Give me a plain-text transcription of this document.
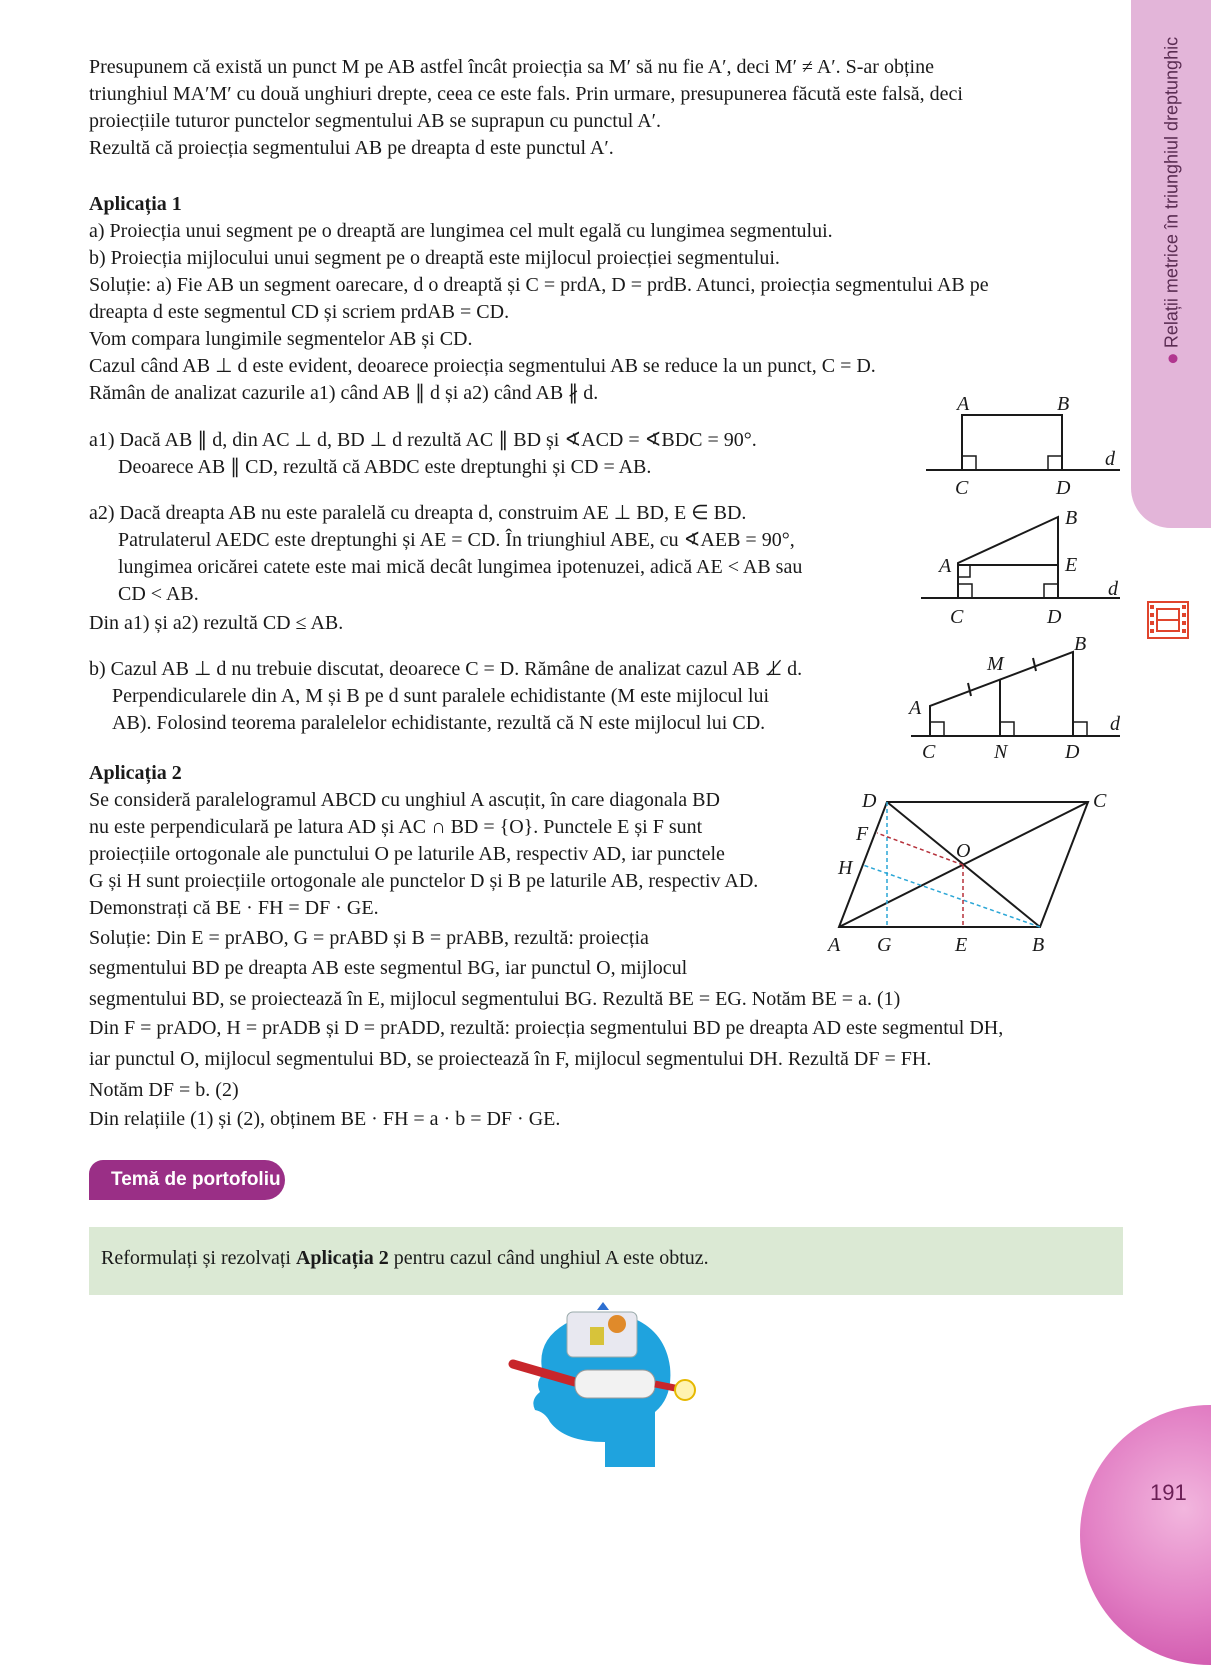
Relații metrice în triunghiul dreptunghic
Presupunem că există un punct M pe AB astfel încât proiecția sa M′ să nu fie A′, deci M′ ≠ A′. S-ar obține
triunghiul MA′M′ cu două unghiuri drepte, ceea ce este fals. Prin urmare, presupunerea făcută este falsă, deci
proiecțiile tuturor punctelor segmentului AB se suprapun cu punctul A′.
Rezultă că proiecția segmentului AB pe dreapta d este punctul A′.
Aplicația 1
a) Proiecția unui segment pe o dreaptă are lungimea cel mult egală cu lungimea segmentului.
b) Proiecția mijlocului unui segment pe o dreaptă este mijlocul proiecției segmentului.
Soluție: a) Fie AB un segment oarecare, d o dreaptă și C = prdA, D = prdB. Atunci, proiecția segmentului AB pe
dreapta d este segmentul CD și scriem prdAB = CD.
Vom compara lungimile segmentelor AB și CD.
Cazul când AB ⊥ d este evident, deoarece proiecția segmentului AB se reduce la un punct, C = D.
Rămân de analizat cazurile a1) când AB ∥ d și a2) când AB ∦ d.
a1) Dacă AB ∥ d, din AC ⊥ d, BD ⊥ d rezultă AC ∥ BD și ∢ACD = ∢BDC = 90°.
Deoarece AB ∥ CD, rezultă că ABDC este dreptunghi și CD = AB.
a2) Dacă dreapta AB nu este paralelă cu dreapta d, construim AE ⊥ BD, E ∈ BD.
Patrulaterul AEDC este dreptunghi și AE = CD. În triunghiul ABE, cu ∢AEB = 90°,
lungimea oricărei catete este mai mică decât lungimea ipotenuzei, adică AE < AB sau
CD < AB.
Din a1) și a2) rezultă CD ≤ AB.
b) Cazul AB ⊥ d nu trebuie discutat, deoarece C = D. Rămâne de analizat cazul AB ⊥̸ d.
Perpendicularele din A, M și B pe d sunt paralele echidistante (M este mijlocul lui
AB). Folosind teorema paralelelor echidistante, rezultă că N este mijlocul lui CD.
Aplicația 2
Se consideră paralelogramul ABCD cu unghiul A ascuțit, în care diagonala BD
nu este perpendiculară pe latura AD și AC ∩ BD = {O}. Punctele E și F sunt
proiecțiile ortogonale ale punctului O pe laturile AB, respectiv AD, iar punctele
G și H sunt proiecțiile ortogonale ale punctelor D și B pe laturile AB, respectiv AD.
Demonstrați că BE · FH = DF · GE.
Soluție: Din E = prABO, G = prABD și B = prABB, rezultă: proiecția
segmentului BD pe dreapta AB este segmentul BG, iar punctul O, mijlocul
segmentului BD, se proiectează în E, mijlocul segmentului BG. Rezultă BE = EG. Notăm BE = a. (1)
Din F = prADO, H = prADB și D = prADD, rezultă: proiecția segmentului BD pe dreapta AD este segmentul DH,
iar punctul O, mijlocul segmentului BD, se proiectează în F, mijlocul segmentului DH. Rezultă DF = FH.
Notăm DF = b. (2)
Din relațiile (1) și (2), obținem BE · FH = a · b = DF · GE.
A	B
C	D
d
A
B
E
C	D
d
A
M
B
C	N	D
d
A G	E	B
D	C
F
H
O
Temă de portofoliu
Reformulați și rezolvați Aplicația 2 pentru cazul când unghiul A este obtuz.
191
